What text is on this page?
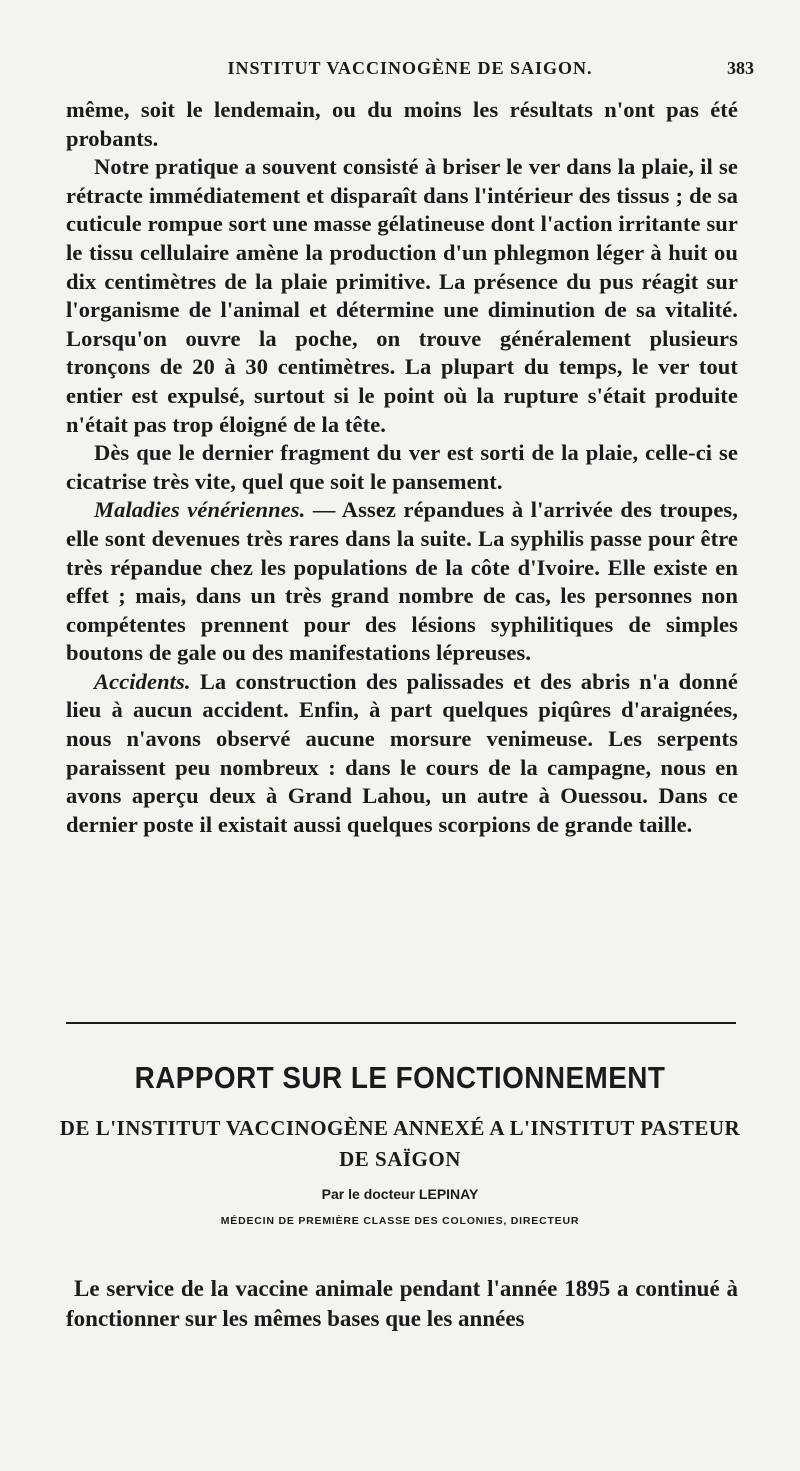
INSTITUT VACCINOGÈNE DE SAIGON.	383

même, soit le lendemain, ou du moins les résultats n'ont pas été probants.

Notre pratique a souvent consisté à briser le ver dans la plaie, il se rétracte immédiatement et disparaît dans l'intérieur des tissus ; de sa cuticule rompue sort une masse gélatineuse dont l'action irritante sur le tissu cellulaire amène la production d'un phlegmon léger à huit ou dix centimètres de la plaie primitive. La présence du pus réagit sur l'organisme de l'animal et détermine une diminution de sa vitalité. Lorsqu'on ouvre la poche, on trouve généralement plusieurs tronçons de 20 à 30 centimètres. La plupart du temps, le ver tout entier est expulsé, surtout si le point où la rupture s'était produite n'était pas trop éloigné de la tête.

Dès que le dernier fragment du ver est sorti de la plaie, celle-ci se cicatrise très vite, quel que soit le pansement.

Maladies vénériennes. — Assez répandues à l'arrivée des troupes, elle sont devenues très rares dans la suite. La syphilis passe pour être très répandue chez les populations de la côte d'Ivoire. Elle existe en effet ; mais, dans un très grand nombre de cas, les personnes non compétentes prennent pour des lésions syphilitiques de simples boutons de gale ou des manifestations lépreuses.

Accidents. La construction des palissades et des abris n'a donné lieu à aucun accident. Enfin, à part quelques piqûres d'araignées, nous n'avons observé aucune morsure venimeuse. Les serpents paraissent peu nombreux : dans le cours de la campagne, nous en avons aperçu deux à Grand Lahou, un autre à Ouessou. Dans ce dernier poste il existait aussi quelques scorpions de grande taille.

RAPPORT SUR LE FONCTIONNEMENT
DE L'INSTITUT VACCINOGÈNE ANNEXÉ A L'INSTITUT PASTEUR
DE SAÏGON
Par le docteur LEPINAY
MÉDECIN DE PREMIÈRE CLASSE DES COLONIES, DIRECTEUR

Le service de la vaccine animale pendant l'année 1895 a continué à fonctionner sur les mêmes bases que les années
